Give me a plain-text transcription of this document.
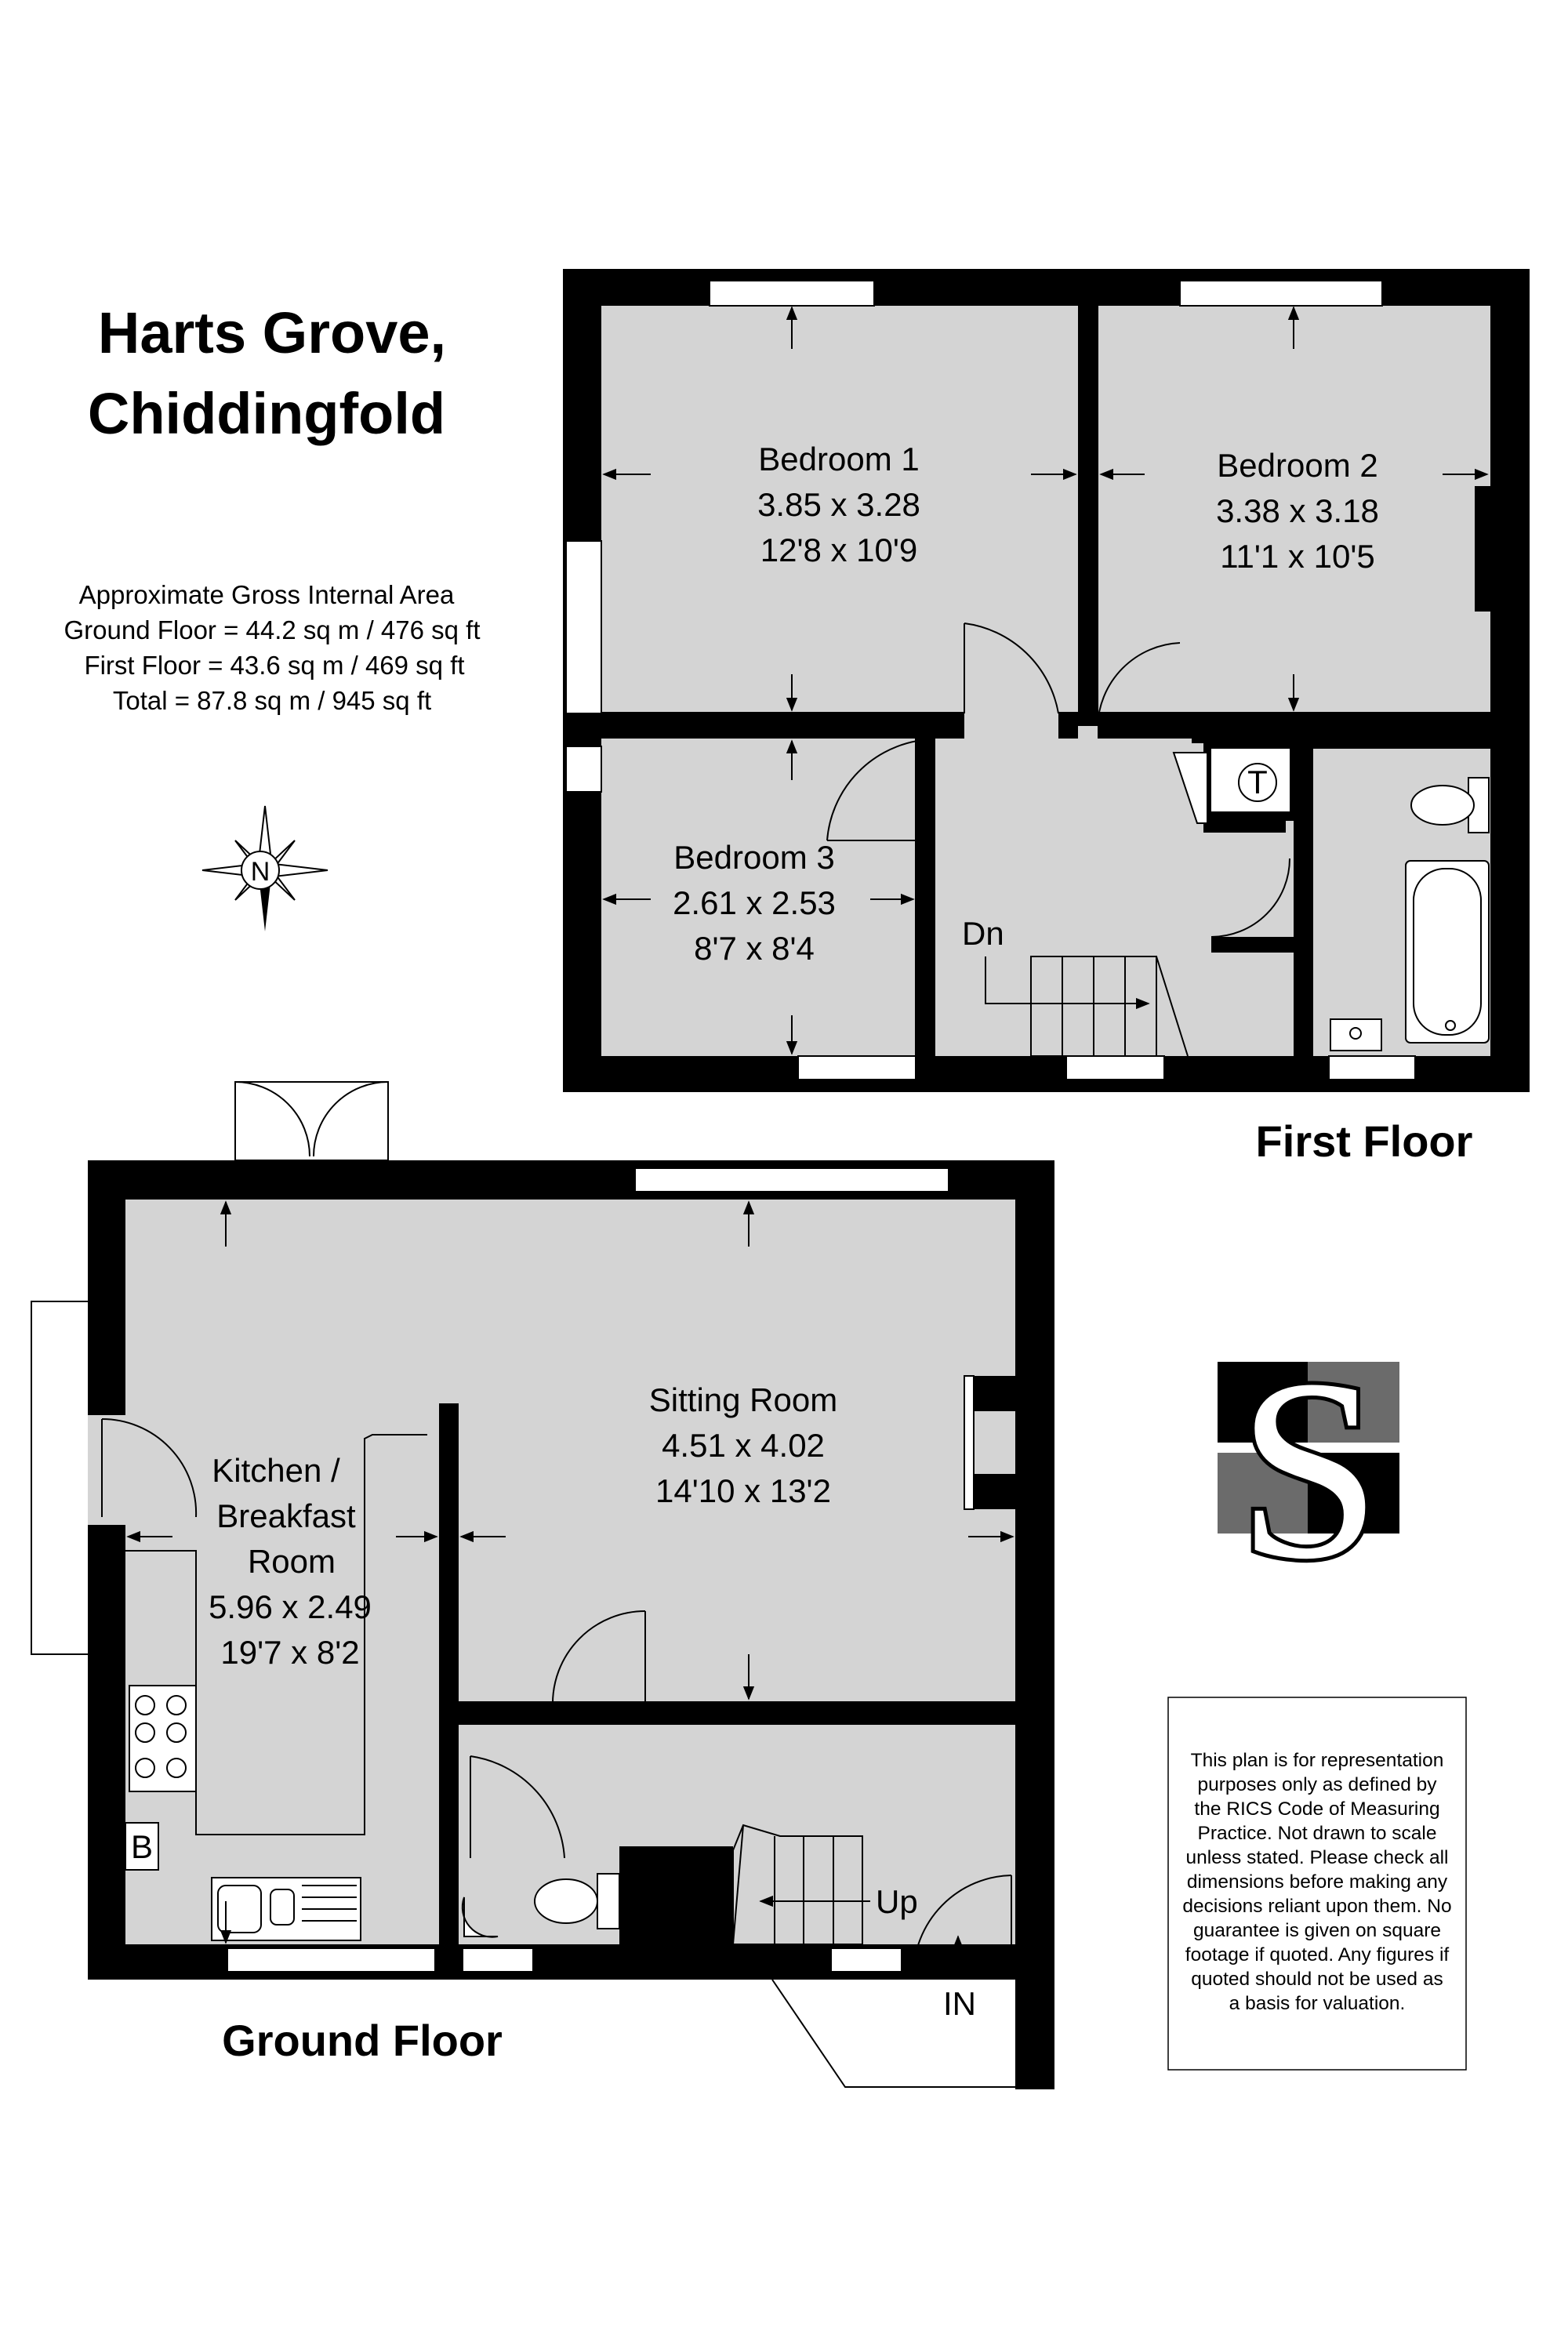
Harts Grove,
Chiddingfold
Approximate Gross Internal Area
Ground Floor = 44.2 sq m / 476 sq ft
First Floor = 43.6 sq m / 469 sq ft
Total = 87.8 sq m / 945 sq ft
N
T
Dn
Bedroom 1
3.85 x 3.28
12'8 x 10'9
Bedroom 2
3.38 x 3.18
11'1 x 10'5
Bedroom 3
2.61 x 2.53
8'7 x 8'4
First Floor
B
Up
IN
Sitting Room
4.51 x 4.02
14'10 x 13'2
Kitchen /
Breakfast
Room
5.96 x 2.49
19'7 x 8'2
Ground Floor
S
This plan is for representation
purposes only as defined by
the RICS Code of Measuring
Practice. Not drawn to scale
unless stated. Please check all
dimensions before making any
decisions reliant upon them. No
guarantee is given on square
footage if quoted. Any figures if
quoted should not be used as
a basis for valuation.
